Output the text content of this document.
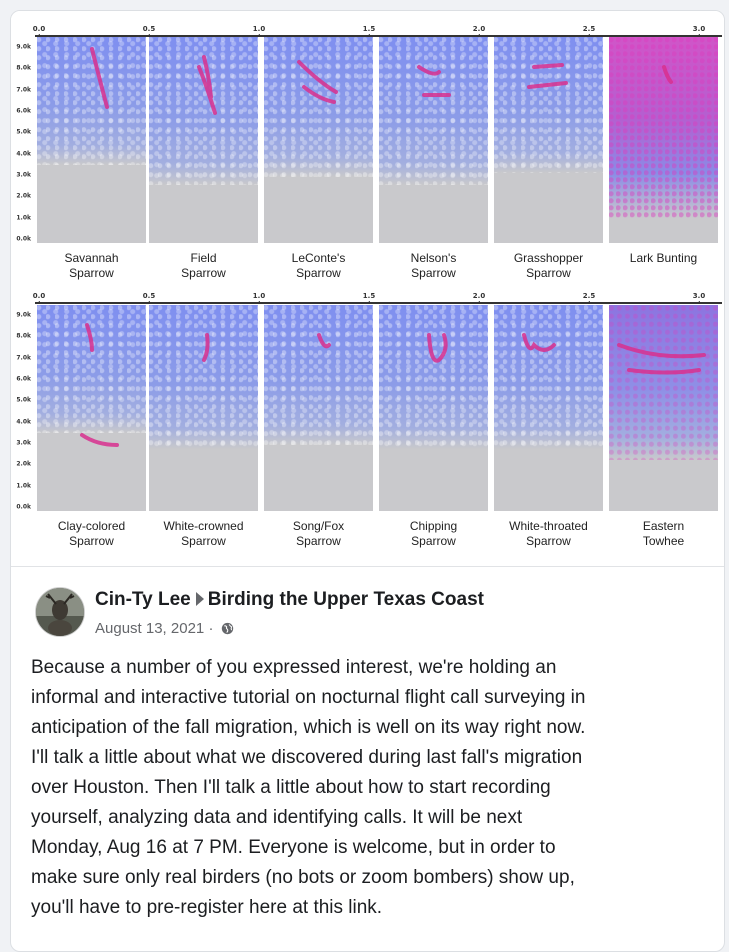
0.0	0.5	1.0	1.5	2.0	2.5	3.0
9.0k
8.0k
7.0k
6.0k
5.0k
4.0k
3.0k
2.0k
1.0k
0.0k
0.0	0.5	1.0	1.5	2.0	2.5	3.0
9.0k
8.0k
7.0k
6.0k
5.0k
4.0k
3.0k
2.0k
1.0k
0.0k
Savannah
Sparrow
Field
Sparrow
LeConte's
Sparrow
Nelson's
Sparrow
Grasshopper
Sparrow
Lark Bunting
Clay-colored
Sparrow
White-crowned
Sparrow
Song/Fox
Sparrow
Chipping
Sparrow
White-throated
Sparrow
Eastern
Towhee
Cin-Ty Lee Birding the Upper Texas Coast
August 13, 2021 ·
Because a number of you expressed interest, we're holding an
informal and interactive tutorial on nocturnal flight call surveying in
anticipation of the fall migration, which is well on its way right now.
I'll talk a little about what we discovered during last fall's migration
over Houston. Then I'll talk a little about how to start recording
yourself, analyzing data and identifying calls. It will be next
Monday, Aug 16 at 7 PM. Everyone is welcome, but in order to
make sure only real birders (no bots or zoom bombers) show up,
you'll have to pre-register here at this link.
